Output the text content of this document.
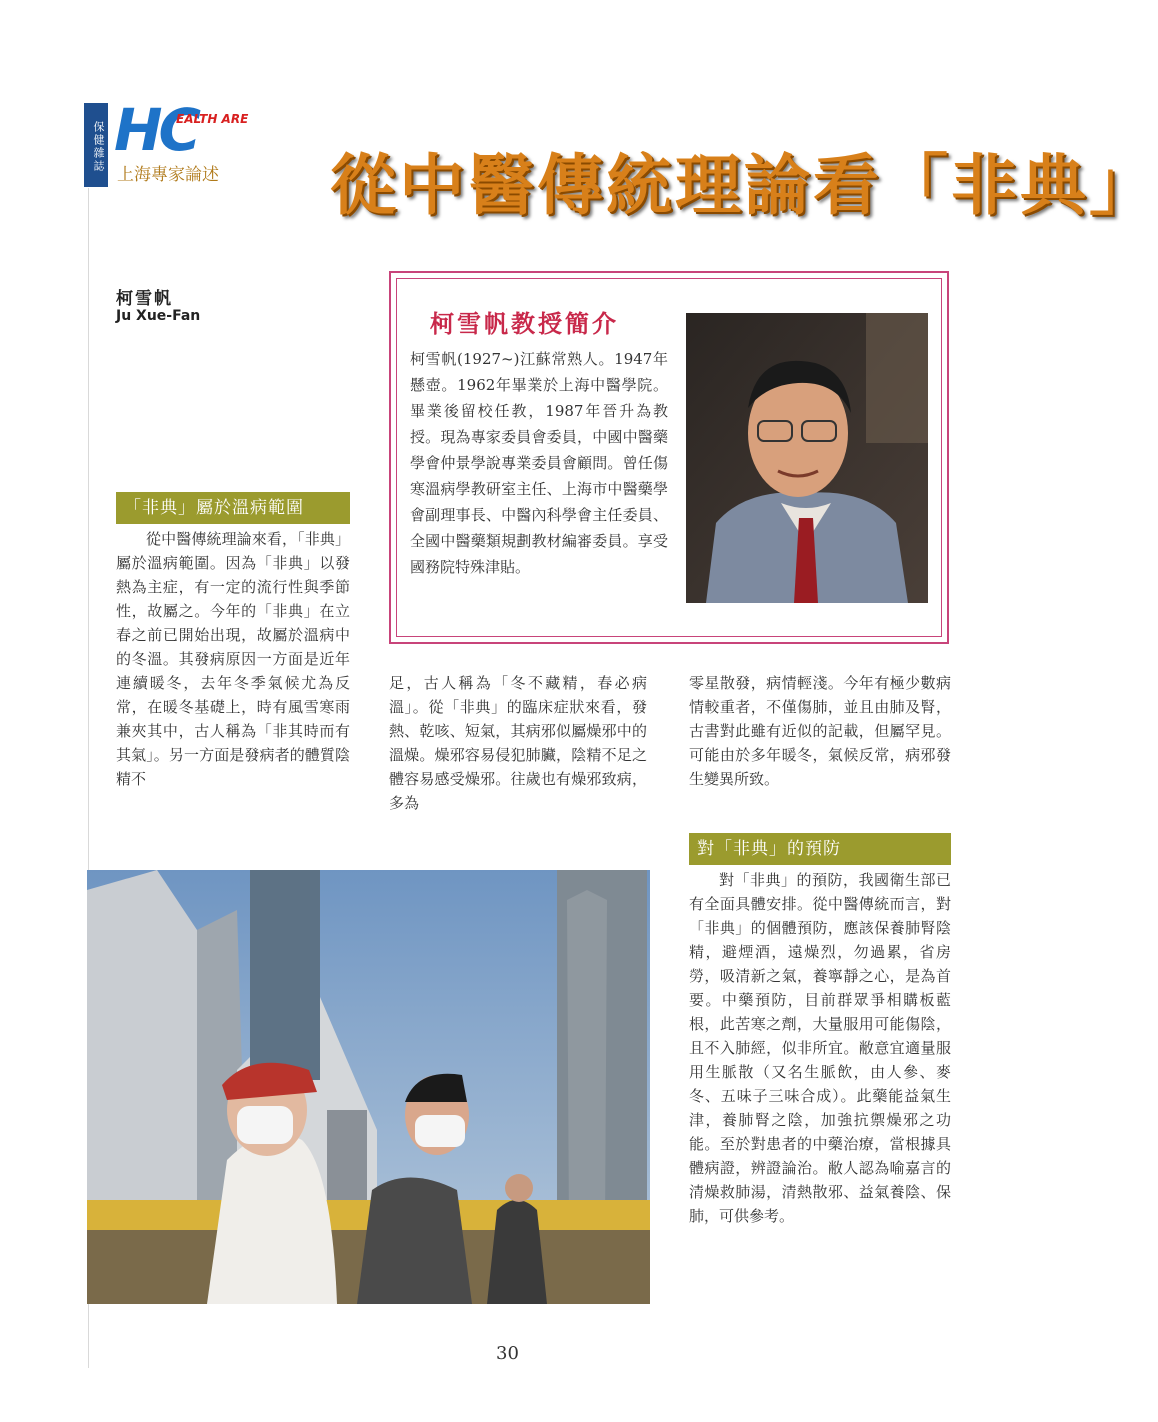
保健雜誌 HC
EALTH ARE
上海專家論述 從中醫傳統理論看「非典」
柯雪帆
Ju Xue-Fan	柯雪帆教授簡介

柯雪帆(1927~)江蘇常熟人。1947年懸壺。1962年畢業於上海中醫學院。畢業後留校任教，1987年晉升為教授。現為專家委員會委員，中國中醫藥學會仲景學說專業委員會顧問。曾任傷寒溫病學教研室主任、上海市中醫藥學會副理事長、中醫內科學會主任委員、全國中醫藥類規劃教材編審委員。享受國務院特殊津貼。

「非典」屬於溫病範圍

從中醫傳統理論來看，「非典」屬於溫病範圍。因為「非典」以發熱為主症，有一定的流行性與季節性，故屬之。今年的「非典」在立春之前已開始出現，故屬於溫病中的冬溫。其發病原因一方面是近年連續暖冬，去年冬季氣候尤為反常，在暖冬基礎上，時有風雪寒雨兼夾其中，古人稱為「非其時而有其氣」。另一方面是發病者的體質陰精不

足，古人稱為「冬不藏精，春必病溫」。從「非典」的臨床症狀來看，發熱、乾咳、短氣，其病邪似屬燥邪中的溫燥。燥邪容易侵犯肺臟，陰精不足之體容易感受燥邪。往歲也有燥邪致病，多為

零星散發，病情輕淺。今年有極少數病情較重者，不僅傷肺，並且由肺及腎，古書對此雖有近似的記載，但屬罕見。可能由於多年暖冬，氣候反常，病邪發生變異所致。

對「非典」的預防

對「非典」的預防，我國衛生部已有全面具體安排。從中醫傳統而言，對「非典」的個體預防，應該保養肺腎陰精，避煙酒，遠燥烈，勿過累，省房勞，吸清新之氣，養寧靜之心，是為首要。中藥預防，目前群眾爭相購板藍根，此苦寒之劑，大量服用可能傷陰，且不入肺經，似非所宜。敝意宜適量服用生脈散（又名生脈飲，由人參、麥冬、五味子三味合成）。此藥能益氣生津，養肺腎之陰，加強抗禦燥邪之功能。至於對患者的中藥治療，當根據具體病證，辨證論治。敝人認為喻嘉言的清燥救肺湯，清熱散邪、益氣養陰、保肺，可供參考。

30
